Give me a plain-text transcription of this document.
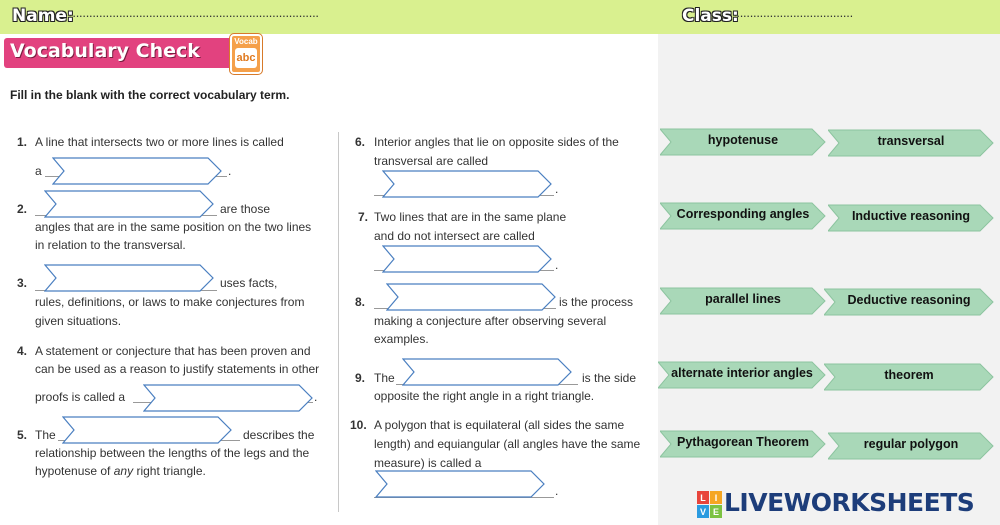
Name:
··········································································	Class:
···································
Vocabulary Check	Vocab
abc
Fill in the blank with the correct vocabulary term.
1. A line that intersects two or more lines is called
a	.
2.	are those
angles that are in the same position on the two lines
in relation to the transversal.
3.	uses facts,
rules, definitions, or laws to make conjectures from
given situations.
4. A statement or conjecture that has been proven and
can be used as a reason to justify statements in other
proofs is called a	.
5. The	describes the
relationship between the lengths of the legs and the
hypotenuse of any right triangle.
6. Interior angles that lie on opposite sides of the
transversal are called
.
7. Two lines that are in the same plane
and do not intersect are called
.
8.	is the process
making a conjecture after observing several
examples.
9. The	is the side
opposite the right angle in a right triangle.
10. A polygon that is equilateral (all sides the same
length) and equiangular (all angles have the same
measure) is called a
.
hypotenuse	transversal
Corresponding angles	Inductive reasoning
parallel lines	Deductive reasoning
alternate interior angles	theorem
Pythagorean Theorem	regular polygon
L I
V E LIVEWORKSHEETS
